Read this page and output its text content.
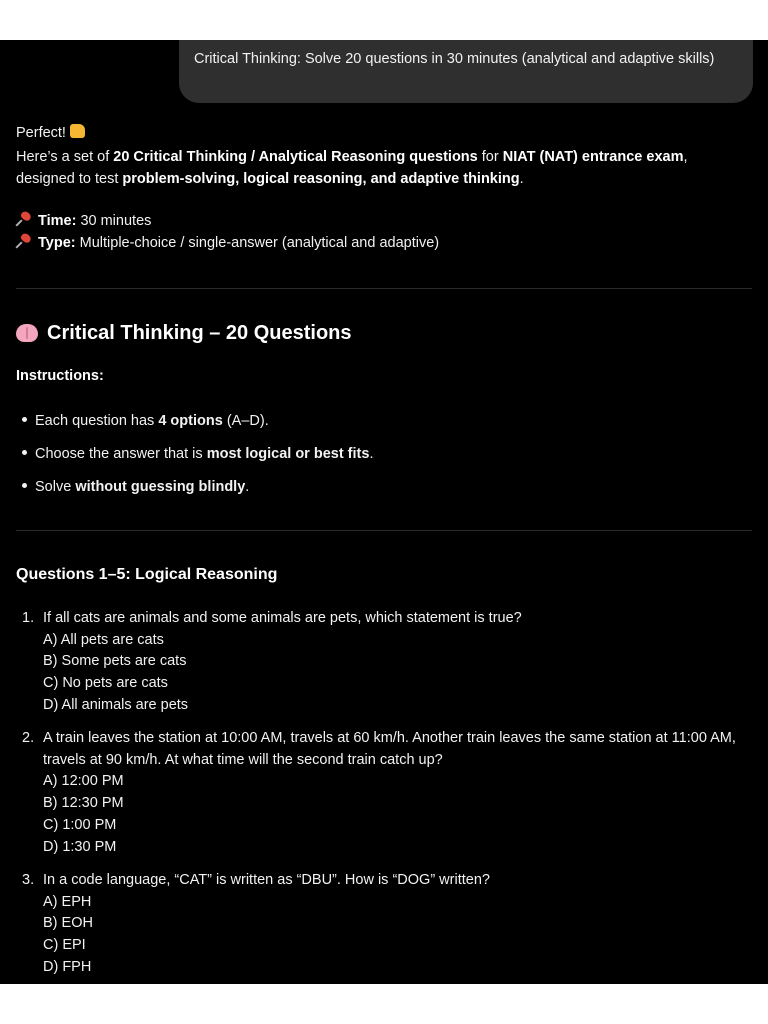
Critical Thinking: Solve 20 questions in 30 minutes (analytical and adaptive skills)
Perfect!
Here’s a set of 20 Critical Thinking / Analytical Reasoning questions for NIAT (NAT) entrance exam,
designed to test problem-solving, logical reasoning, and adaptive thinking.
Time: 30 minutes
Type: Multiple-choice / single-answer (analytical and adaptive)
Critical Thinking – 20 Questions
Instructions:
Each question has 4 options (A–D).
Choose the answer that is most logical or best fits.
Solve without guessing blindly.
Questions 1–5: Logical Reasoning
1. If all cats are animals and some animals are pets, which statement is true?
A) All pets are cats
B) Some pets are cats
C) No pets are cats
D) All animals are pets
2. A train leaves the station at 10:00 AM, travels at 60 km/h. Another train leaves the same station at 11:00 AM, travels at 90 km/h. At what time will the second train catch up?
A) 12:00 PM
B) 12:30 PM
C) 1:00 PM
D) 1:30 PM
3. In a code language, “CAT” is written as “DBU”. How is “DOG” written?
A) EPH
B) EOH
C) EPI
D) FPH
